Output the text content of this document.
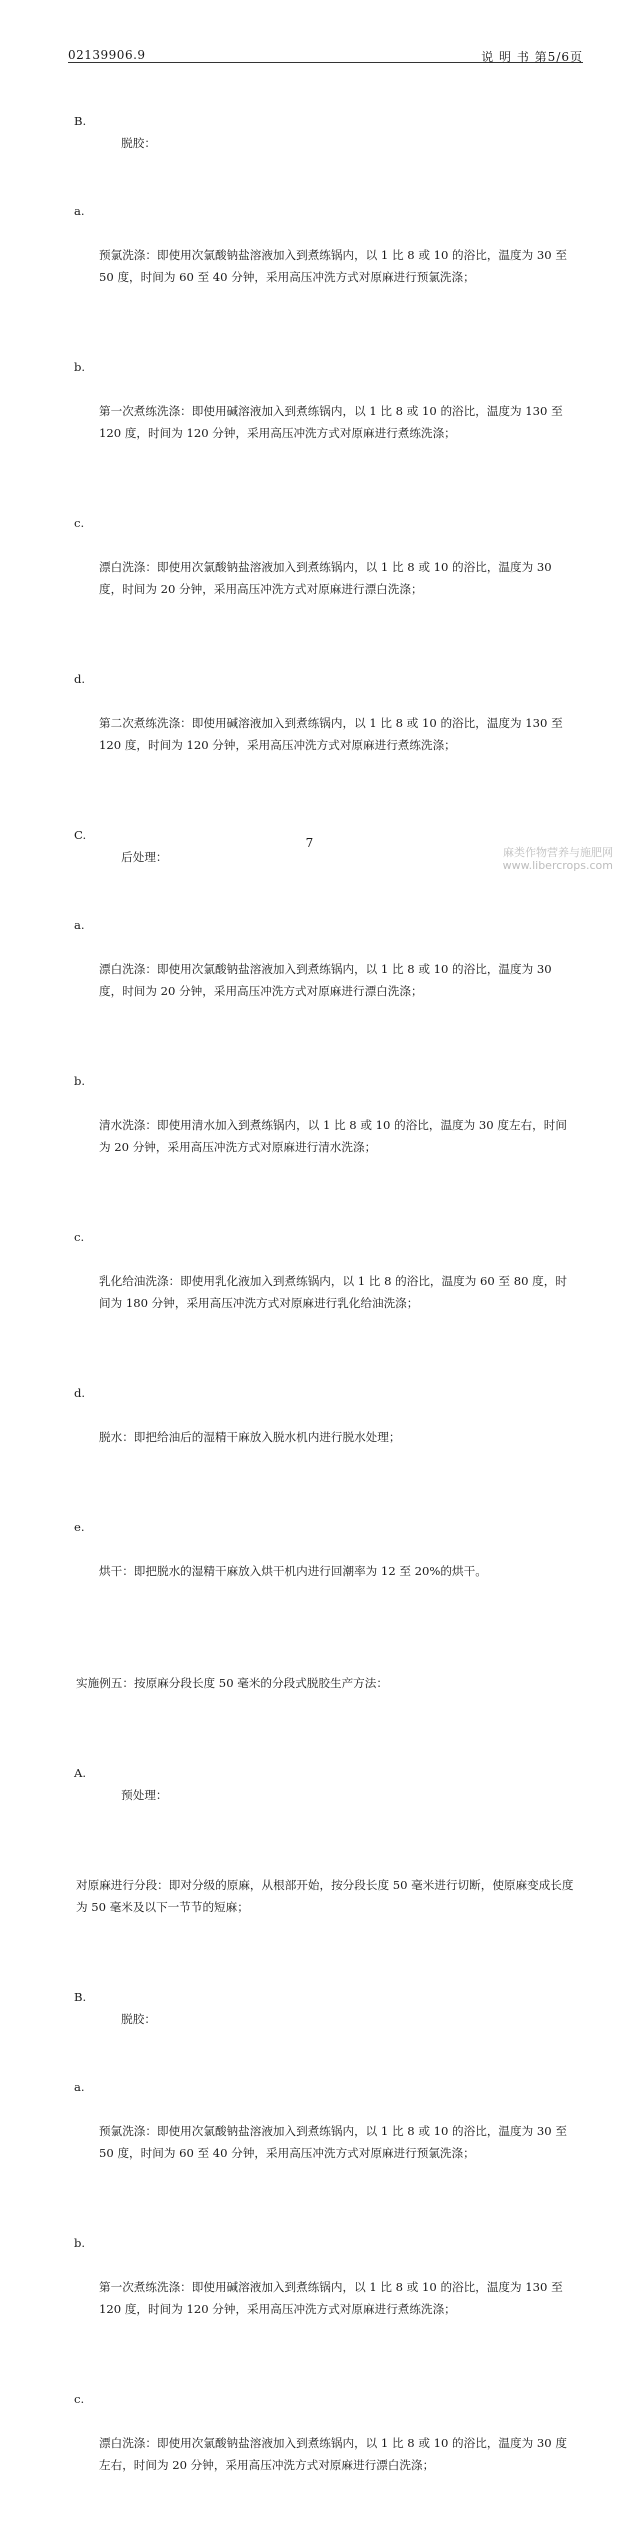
02139906.9	说 明 书 第5/6页

B.

脱胶：

a.

预氯洗涤：即使用次氯酸钠盐溶液加入到煮练锅内，以 1 比 8 或 10 的浴比，温度为 30 至 50 度，时间为 60 至 40 分钟，采用高压冲洗方式对原麻进行预氯洗涤；

b.

第一次煮练洗涤：即使用碱溶液加入到煮练锅内，以 1 比 8 或 10 的浴比，温度为 130 至 120 度，时间为 120 分钟，采用高压冲洗方式对原麻进行煮练洗涤；

c.

漂白洗涤：即使用次氯酸钠盐溶液加入到煮练锅内，以 1 比 8 或 10 的浴比，温度为 30 度，时间为 20 分钟，采用高压冲洗方式对原麻进行漂白洗涤；

d.

第二次煮练洗涤：即使用碱溶液加入到煮练锅内，以 1 比 8 或 10 的浴比，温度为 130 至 120 度，时间为 120 分钟，采用高压冲洗方式对原麻进行煮练洗涤；

C.

后处理：

a.

漂白洗涤：即使用次氯酸钠盐溶液加入到煮练锅内，以 1 比 8 或 10 的浴比，温度为 30 度，时间为 20 分钟，采用高压冲洗方式对原麻进行漂白洗涤；

b.

清水洗涤：即使用清水加入到煮练锅内，以 1 比 8 或 10 的浴比，温度为 30 度左右，时间为 20 分钟，采用高压冲洗方式对原麻进行清水洗涤；

c.

乳化给油洗涤：即使用乳化液加入到煮练锅内，以 1 比 8 的浴比，温度为 60 至 80 度，时间为 180 分钟，采用高压冲洗方式对原麻进行乳化给油洗涤；

d.

脱水：即把给油后的湿精干麻放入脱水机内进行脱水处理；

e.

烘干：即把脱水的湿精干麻放入烘干机内进行回潮率为 12 至 20%的烘干。

实施例五：按原麻分段长度 50 毫米的分段式脱胶生产方法：

A.

预处理：

对原麻进行分段：即对分级的原麻，从根部开始，按分段长度 50 毫米进行切断，使原麻变成长度为 50 毫米及以下一节节的短麻；

B.

脱胶：

a.

预氯洗涤：即使用次氯酸钠盐溶液加入到煮练锅内，以 1 比 8 或 10 的浴比，温度为 30 至 50 度，时间为 60 至 40 分钟，采用高压冲洗方式对原麻进行预氯洗涤；

b.

第一次煮练洗涤：即使用碱溶液加入到煮练锅内，以 1 比 8 或 10 的浴比，温度为 130 至 120 度，时间为 120 分钟，采用高压冲洗方式对原麻进行煮练洗涤；

c.

漂白洗涤：即使用次氯酸钠盐溶液加入到煮练锅内，以 1 比 8 或 10 的浴比，温度为 30 度左右，时间为 20 分钟，采用高压冲洗方式对原麻进行漂白洗涤；

7
麻类作物营养与施肥网
www.libercrops.com
